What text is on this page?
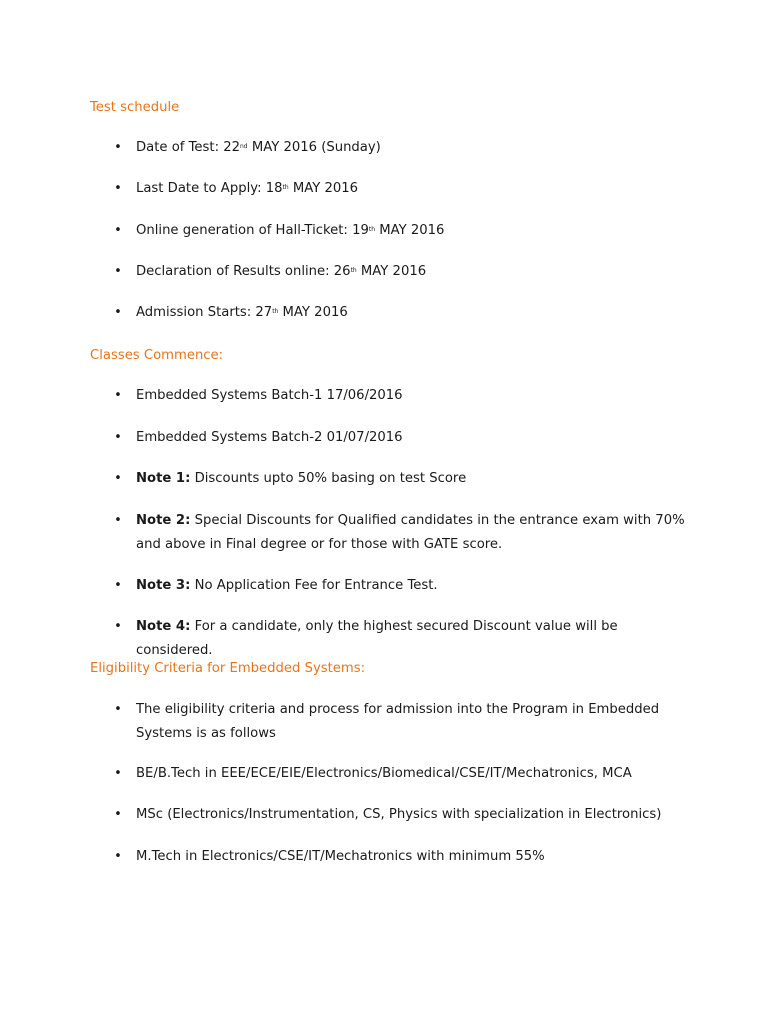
Test schedule
• Date of Test: 22nd MAY 2016 (Sunday)
• Last Date to Apply: 18th MAY 2016
• Online generation of Hall-Ticket: 19th MAY 2016
• Declaration of Results online: 26th MAY 2016
• Admission Starts: 27th MAY 2016
Classes Commence:
• Embedded Systems Batch-1 17/06/2016
• Embedded Systems Batch-2 01/07/2016
• Note 1: Discounts upto 50% basing on test Score
• Note 2: Special Discounts for Qualified candidates in the entrance exam with 70% and above in Final degree or for those with GATE score.
• Note 3: No Application Fee for Entrance Test.
• Note 4: For a candidate, only the highest secured Discount value will be considered.
Eligibility Criteria for Embedded Systems:
• The eligibility criteria and process for admission into the Program in Embedded Systems is as follows
• BE/B.Tech in EEE/ECE/EIE/Electronics/Biomedical/CSE/IT/Mechatronics, MCA
• MSc (Electronics/Instrumentation, CS, Physics with specialization in Electronics)
• M.Tech in Electronics/CSE/IT/Mechatronics with minimum 55%
